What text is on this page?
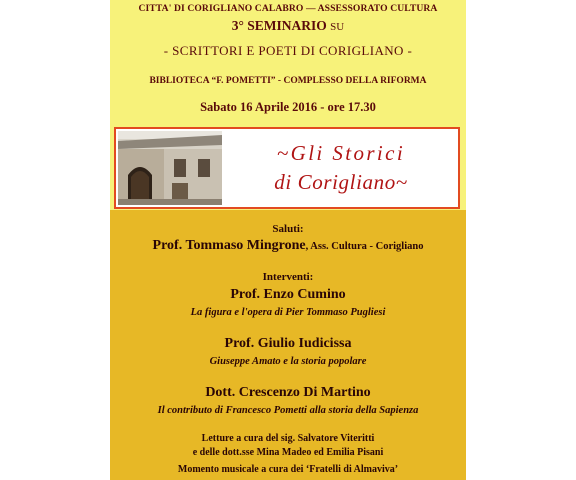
CITTA' DI CORIGLIANO CALABRO — ASSESSORATO CULTURA
3° SEMINARIO SU
- SCRITTORI E POETI DI CORIGLIANO -
BIBLIOTECA “F. POMETTI” - COMPLESSO DELLA RIFORMA
Sabato 16 Aprile 2016 - ore 17.30
~Gli Storici
di Corigliano~
Saluti:
Prof. Tommaso Mingrone, Ass. Cultura - Corigliano
Interventi:
Prof. Enzo Cumino
La figura e l'opera di Pier Tommaso Pugliesi
Prof. Giulio Iudicissa
Giuseppe Amato e la storia popolare
Dott. Crescenzo Di Martino
Il contributo di Francesco Pometti alla storia della Sapienza
Letture a cura del sig. Salvatore Viteritti
e delle dott.sse Mina Madeo ed Emilia Pisani
Momento musicale a cura dei ‘Fratelli di Almaviva’
